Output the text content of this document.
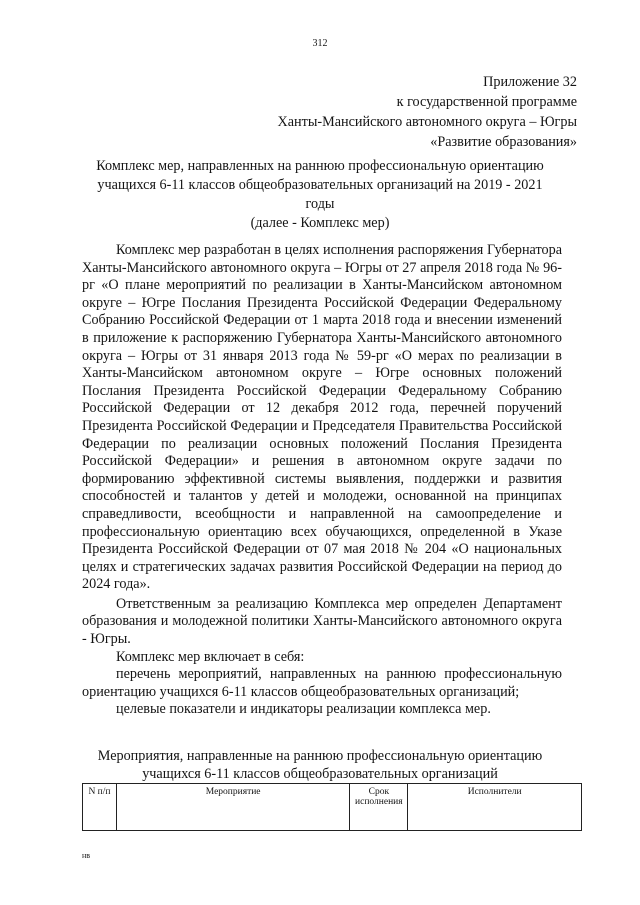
312
Приложение 32
к государственной программе
Ханты-Мансийского автономного округа – Югры
«Развитие образования»
Комплекс мер, направленных на раннюю профессиональную ориентацию
учащихся 6-11 классов общеобразовательных организаций на 2019 - 2021
годы
(далее - Комплекс мер)

Комплекс мер разработан в целях исполнения распоряжения Губернатора Ханты-Мансийского автономного округа – Югры от 27 апреля 2018 года № 96-рг «О плане мероприятий по реализации в Ханты-Мансийском автономном округе – Югре Послания Президента Российской Федерации Федеральному Собранию Российской Федерации от 1 марта 2018 года и внесении изменений в приложение к распоряжению Губернатора Ханты-Мансийского автономного округа – Югры от 31 января 2013 года № 59-рг «О мерах по реализации в Ханты-Мансийском автономном округе – Югре основных положений Послания Президента Российской Федерации Федеральному Собранию Российской Федерации от 12 декабря 2012 года, перечней поручений Президента Российской Федерации и Председателя Правительства Российской Федерации по реализации основных положений Послания Президента Российской Федерации» и решения в автономном округе задачи по формированию эффективной системы выявления, поддержки и развития способностей и талантов у детей и молодежи, основанной на принципах справедливости, всеобщности и направленной на самоопределение и профессиональную ориентацию всех обучающихся, определенной в Указе Президента Российской Федерации от 07 мая 2018 № 204 «О национальных целях и стратегических задачах развития Российской Федерации на период до 2024 года».

Ответственным за реализацию Комплекса мер определен Департамент образования и молодежной политики Ханты-Мансийского автономного округа - Югры.

Комплекс мер включает в себя:

перечень мероприятий, направленных на раннюю профессиональную ориентацию учащихся 6-11 классов общеобразовательных организаций;

целевые показатели и индикаторы реализации комплекса мер.

Мероприятия, направленные на раннюю профессиональную ориентацию
учащихся 6-11 классов общеобразовательных организаций
N п/п	Мероприятие	Срок исполнения	Исполнители
нв
